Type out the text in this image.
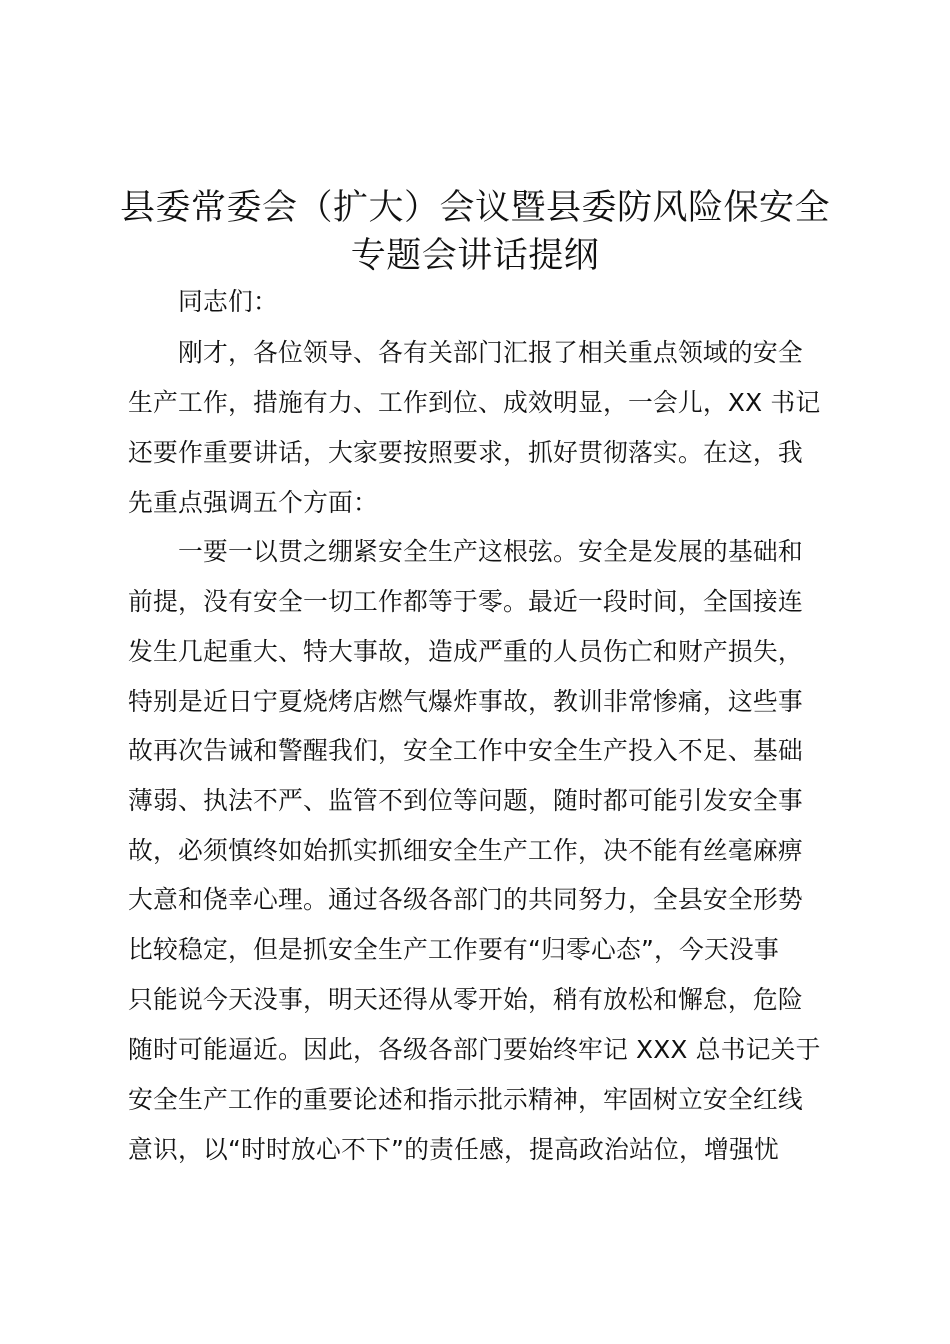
县委常委会（扩大）会议暨县委防风险保安全
专题会讲话提纲
同志们：
刚才，各位领导、各有关部门汇报了相关重点领域的安全
生产工作，措施有力、工作到位、成效明显，一会儿，XX 书记
还要作重要讲话，大家要按照要求，抓好贯彻落实。在这，我
先重点强调五个方面：
一要一以贯之绷紧安全生产这根弦。安全是发展的基础和
前提，没有安全一切工作都等于零。最近一段时间，全国接连
发生几起重大、特大事故，造成严重的人员伤亡和财产损失，
特别是近日宁夏烧烤店燃气爆炸事故，教训非常惨痛，这些事
故再次告诫和警醒我们，安全工作中安全生产投入不足、基础
薄弱、执法不严、监管不到位等问题，随时都可能引发安全事
故，必须慎终如始抓实抓细安全生产工作，决不能有丝毫麻痹
大意和侥幸心理。通过各级各部门的共同努力，全县安全形势
比较稳定，但是抓安全生产工作要有“归零心态”，今天没事
只能说今天没事，明天还得从零开始，稍有放松和懈怠，危险
随时可能逼近。因此，各级各部门要始终牢记 XXX 总书记关于
安全生产工作的重要论述和指示批示精神，牢固树立安全红线
意识，以“时时放心不下”的责任感，提高政治站位，增强忧
